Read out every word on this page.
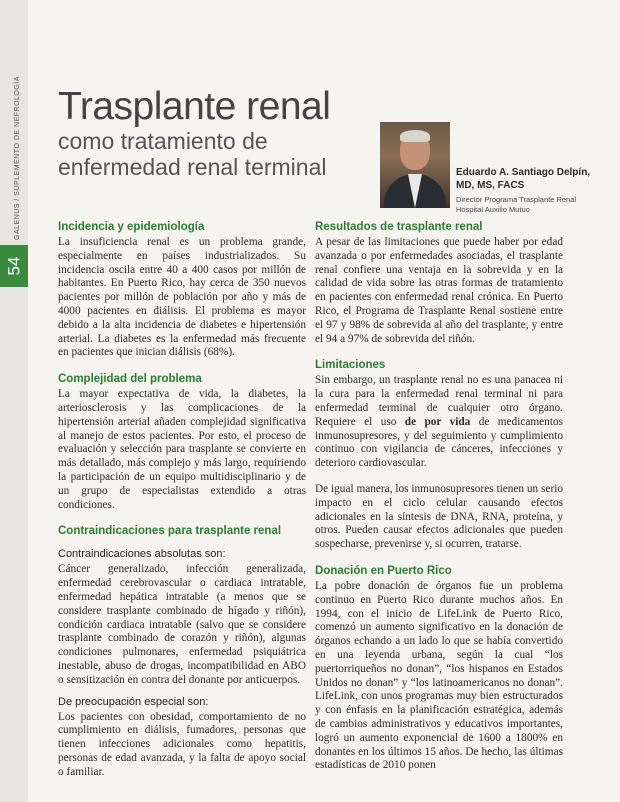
GALENUS / SUPLEMENTO DE NEFROLOGÍA
54
Trasplante renal
como tratamiento de
enfermedad renal terminal	Eduardo A. Santiago Delpín,

MD, MS, FACS

Director Programa Trasplante Renal

Hospital Auxilio Mutuo

Incidencia y epidemiología

La insuficiencia renal es un problema grande, especialmente en países industrializados. Su incidencia oscila entre 40 a 400 casos por millón de habitantes. En Puerto Rico, hay cerca de 350 nuevos pacientes por millón de población por año y más de 4000 pacientes en diálisis. El problema es mayor debido a la alta incidencia de diabetes e hipertensión arterial. La diabetes es la enfermedad más frecuente en pacientes que inician diálisis (68%).

Complejidad del problema

La mayor expectativa de vida, la diabetes, la arteriosclerosis y las complicaciones de la hipertensión arterial añaden complejidad significativa al manejo de estos pacientes. Por esto, el proceso de evaluación y selección para trasplante se convierte en más detallado, más complejo y más largo, requiriendo la participación de un equipo multidisciplinario y de un grupo de especialistas extendido a otras condiciones.

Contraindicaciones para trasplante renal
Contraindicaciones absolutas son:

Cáncer generalizado, infección generalizada, enfermedad cerebrovascular o cardiaca intratable, enfermedad hepática intratable (a menos que se considere trasplante combinado de hígado y riñón), condición cardiaca intratable (salvo que se considere trasplante combinado de corazón y riñón), algunas condiciones pulmonares, enfermedad psiquiátrica inestable, abuso de drogas, incompatibilidad en ABO o sensitización en contra del donante por anticuerpos.

De preocupación especial son:

Los pacientes con obesidad, comportamiento de no cumplimiento en diálisis, fumadores, personas que tienen infecciones adicionales como hepatitis, personas de edad avanzada, y la falta de apoyo social o familiar.

Resultados de trasplante renal

A pesar de las limitaciones que puede haber por edad avanzada o por enfermedades asociadas, el trasplante renal confiere una ventaja en la sobrevida y en la calidad de vida sobre las otras formas de tratamiento en pacientes con enfermedad renal crónica. En Puerto Rico, el Programa de Trasplante Renal sostiene entre el 97 y 98% de sobrevida al año del trasplante, y entre el 94 a 97% de sobrevida del riñón.

Limitaciones

Sin embargo, un trasplante renal no es una panacea ni la cura para la enfermedad renal terminal ni para enfermedad terminal de cualquier otro órgano. Requiere el uso de por vida de medicamentos inmunosupresores, y del seguimiento y cumplimiento continuo con vigilancia de cánceres, infecciones y deterioro cardiovascular.

De igual manera, los inmunosupresores tienen un serio impacto en el ciclo celular causando efectos adicionales en la síntesis de DNA, RNA, proteína, y otros. Pueden causar efectos adicionales que pueden sospecharse, prevenirse y, si ocurren, tratarse.

Donación en Puerto Rico

La pobre donación de órganos fue un problema continuo en Puerto Rico durante muchos años. En 1994, con el inicio de LifeLink de Puerto Rico, comenzó un aumento significativo en la donación de órganos echando a un lado lo que se había convertido en una leyenda urbana, según la cual “los puertorriqueños no donan”, “los hispanos en Estados Unidos no donan” y “los latinoamericanos no donan”. LifeLink, con unos programas muy bien estructurados y con énfasis en la planificación estratégica, además de cambios administrativos y educativos importantes, logró un aumento exponencial de 1600 a 1800% en donantes en los últimos 15 años. De hecho, las últimas estadísticas de 2010 ponen
